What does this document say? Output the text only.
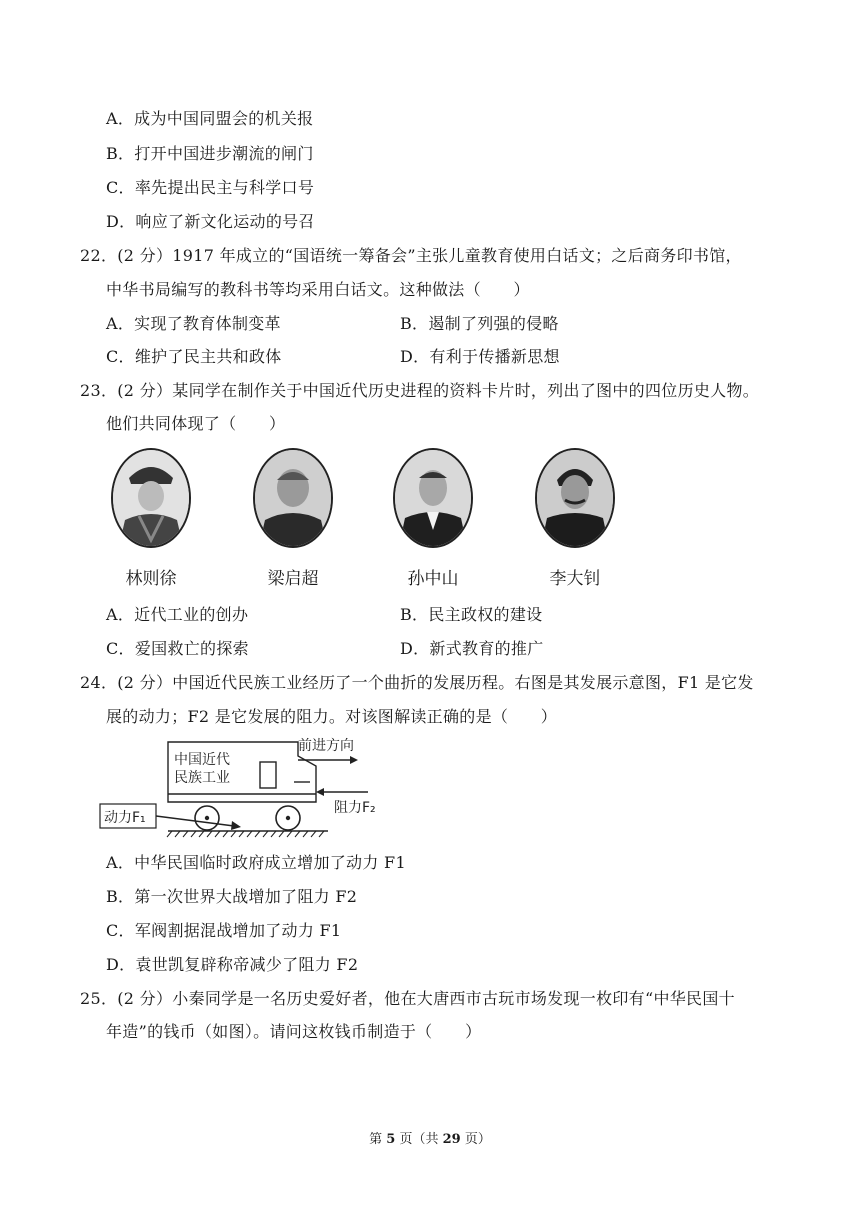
A．成为中国同盟会的机关报
B．打开中国进步潮流的闸门
C．率先提出民主与科学口号
D．响应了新文化运动的号召
22．(2 分）1917 年成立的“国语统一筹备会”主张儿童教育使用白话文；之后商务印书馆，
中华书局编写的教科书等均采用白话文。这种做法（　　）
A．实现了教育体制变革	B．遏制了列强的侵略
C．维护了民主共和政体	D．有利于传播新思想
23．(2 分）某同学在制作关于中国近代历史进程的资料卡片时，列出了图中的四位历史人物。
他们共同体现了（　　）
林则徐	梁启超	孙中山	李大钊
A．近代工业的创办	B．民主政权的建设
C．爱国救亡的探索	D．新式教育的推广
24．(2 分）中国近代民族工业经历了一个曲折的发展历程。右图是其发展示意图，F1 是它发
展的动力；F2 是它发展的阻力。对该图解读正确的是（　　）
中国近代
民族工业
前进方向
阻力F₂
动力F₁
A．中华民国临时政府成立增加了动力 F1
B．第一次世界大战增加了阻力 F2
C．军阀割据混战增加了动力 F1
D．袁世凯复辟称帝减少了阻力 F2
25．(2 分）小秦同学是一名历史爱好者，他在大唐西市古玩市场发现一枚印有“中华民国十
年造”的钱币（如图）。请问这枚钱币制造于（　　）
第 5 页（共 29 页）
